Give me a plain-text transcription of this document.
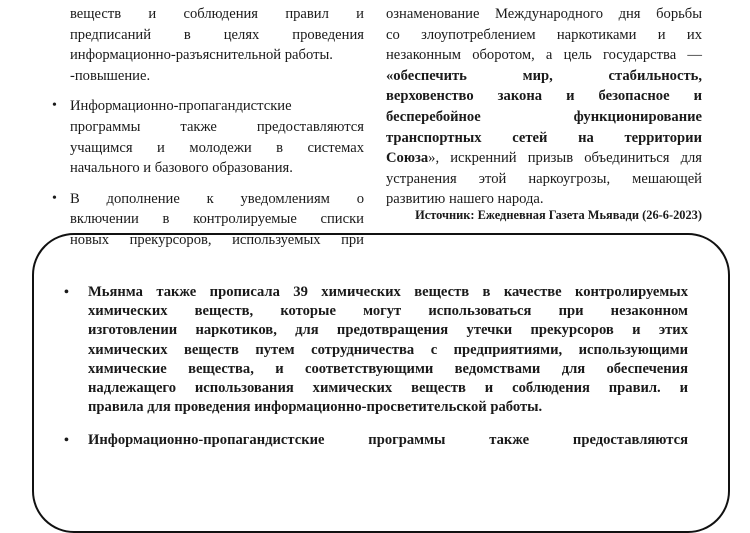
веществ и соблюдения правил и

предписаний в целях проведения

информационно-разъяснительной работы.

-повышение.

• Информационно-пропагандистские

программы также предоставляются

учащимся и молодежи в системах

начального и базового образования.

• В дополнение к уведомлениям о

включении в контролируемые списки

новых прекурсоров, используемых при

ознаменование Международного дня борьбы

со злоупотреблением наркотиками и их

незаконным оборотом, а цель государства —

«обеспечить мир, стабильность,

верховенство закона и безопасное и

бесперебойное функционирование

транспортных сетей на территории

Союза», искренний призыв объединиться для

устранения этой наркоугрозы, мешающей

развитию нашего народа.

Источник: Ежедневная Газета Мьявади (26-6-2023)
•	Мьянма также прописала 39 химических веществ в качестве контролируемых

химических веществ, которые могут использоваться при незаконном

изготовлении наркотиков, для предотвращения утечки прекурсоров и этих

химических веществ путем сотрудничества с предприятиями, использующими

химические вещества, и соответствующими ведомствами для обеспечения

надлежащего использования химических веществ и соблюдения правил. и

правила для проведения информационно-просветительской работы.

•	Информационно-пропагандистские программы также предоставляются
